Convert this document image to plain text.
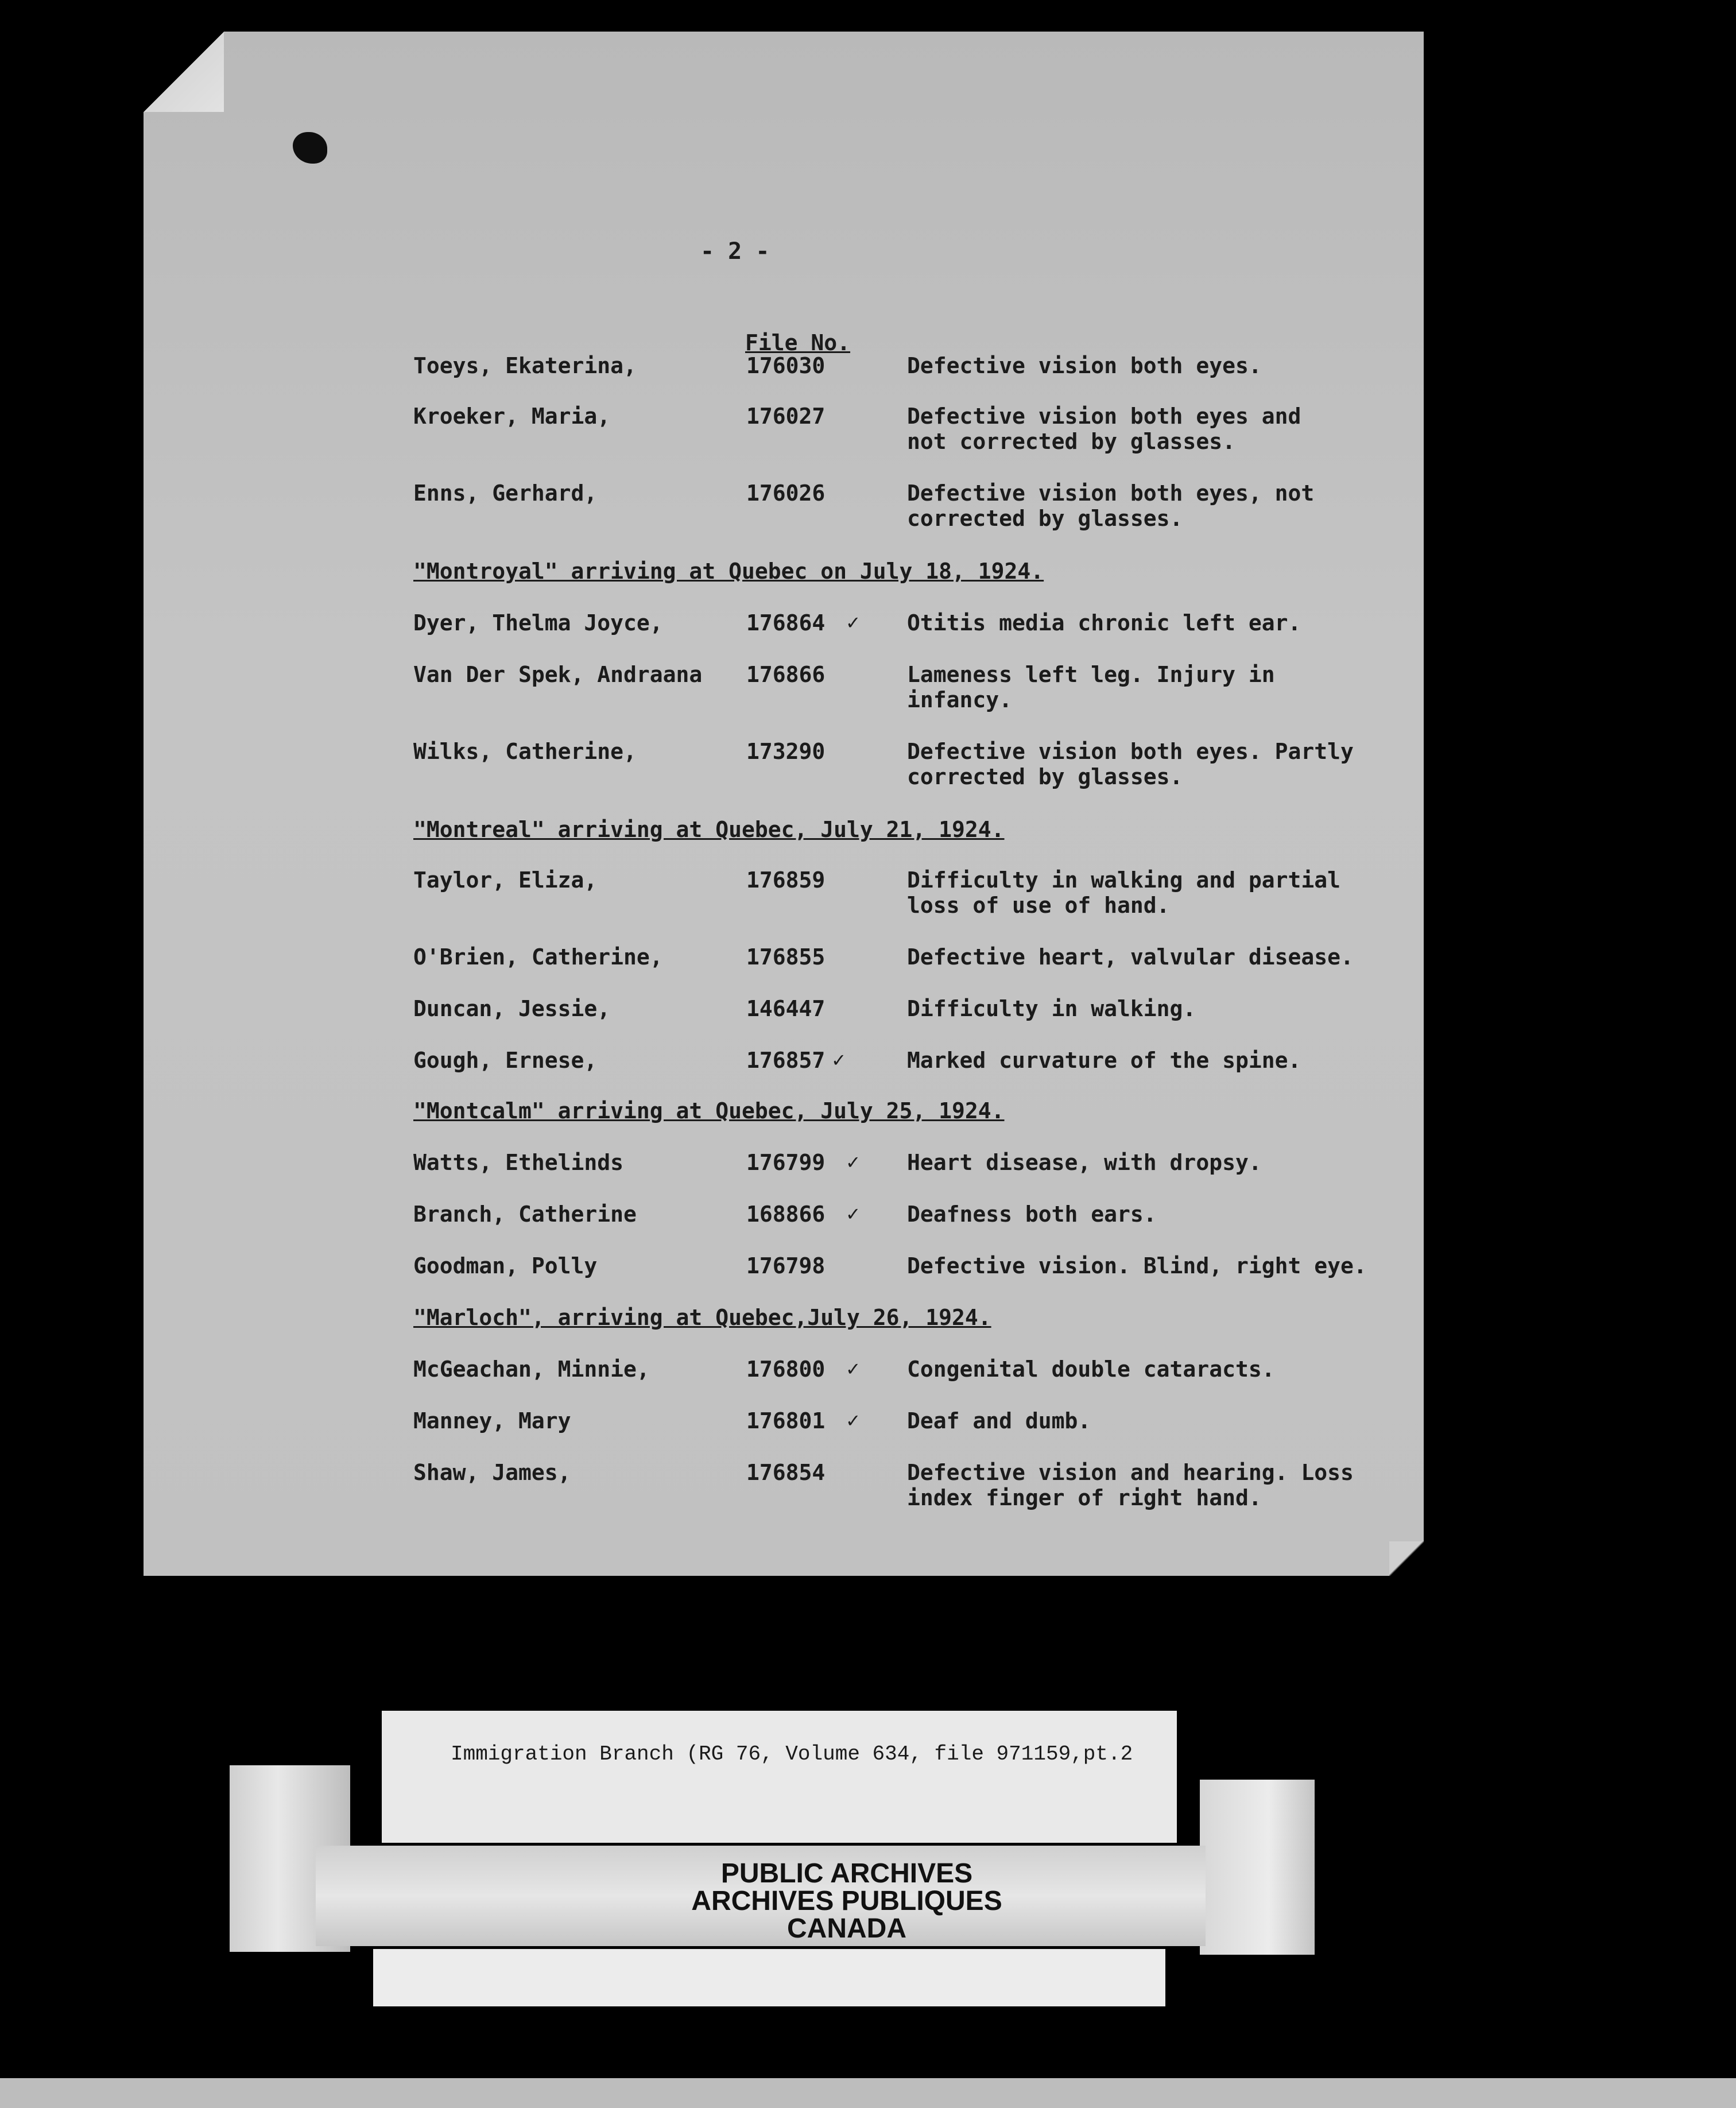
- 2 -
File No.
Toeys, Ekaterina,	176030	Defective vision both eyes.
Kroeker, Maria,	176027	Defective vision both eyes and
not corrected by glasses.
Enns, Gerhard,	176026	Defective vision both eyes, not
corrected by glasses.
"Montroyal" arriving at Quebec on July 18, 1924.
Dyer, Thelma Joyce,	176864 ✓ Otitis media chronic left ear.
Van Der Spek, Andraana 176866	Lameness left leg. Injury in
infancy.
Wilks, Catherine,	173290	Defective vision both eyes. Partly
corrected by glasses.
"Montreal" arriving at Quebec, July 21, 1924.
Taylor, Eliza,	176859	Difficulty in walking and partial
loss of use of hand.
O'Brien, Catherine,	176855	Defective heart, valvular disease.
Duncan, Jessie,	146447	Difficulty in walking.
Gough, Ernese,	176857 ✓	Marked curvature of the spine.
"Montcalm" arriving at Quebec, July 25, 1924.
Watts, Ethelinds	176799 ✓ Heart disease, with dropsy.
Branch, Catherine	168866 ✓ Deafness both ears.
Goodman, Polly	176798	Defective vision. Blind, right eye.
"Marloch", arriving at Quebec,July 26, 1924.
McGeachan, Minnie,	176800 ✓ Congenital double cataracts.
Manney, Mary	176801 ✓ Deaf and dumb.
Shaw, James,	176854	Defective vision and hearing. Loss
index finger of right hand.
Immigration Branch (RG 76, Volume 634, file 971159,pt.2
PUBLIC ARCHIVES
ARCHIVES PUBLIQUES
CANADA
